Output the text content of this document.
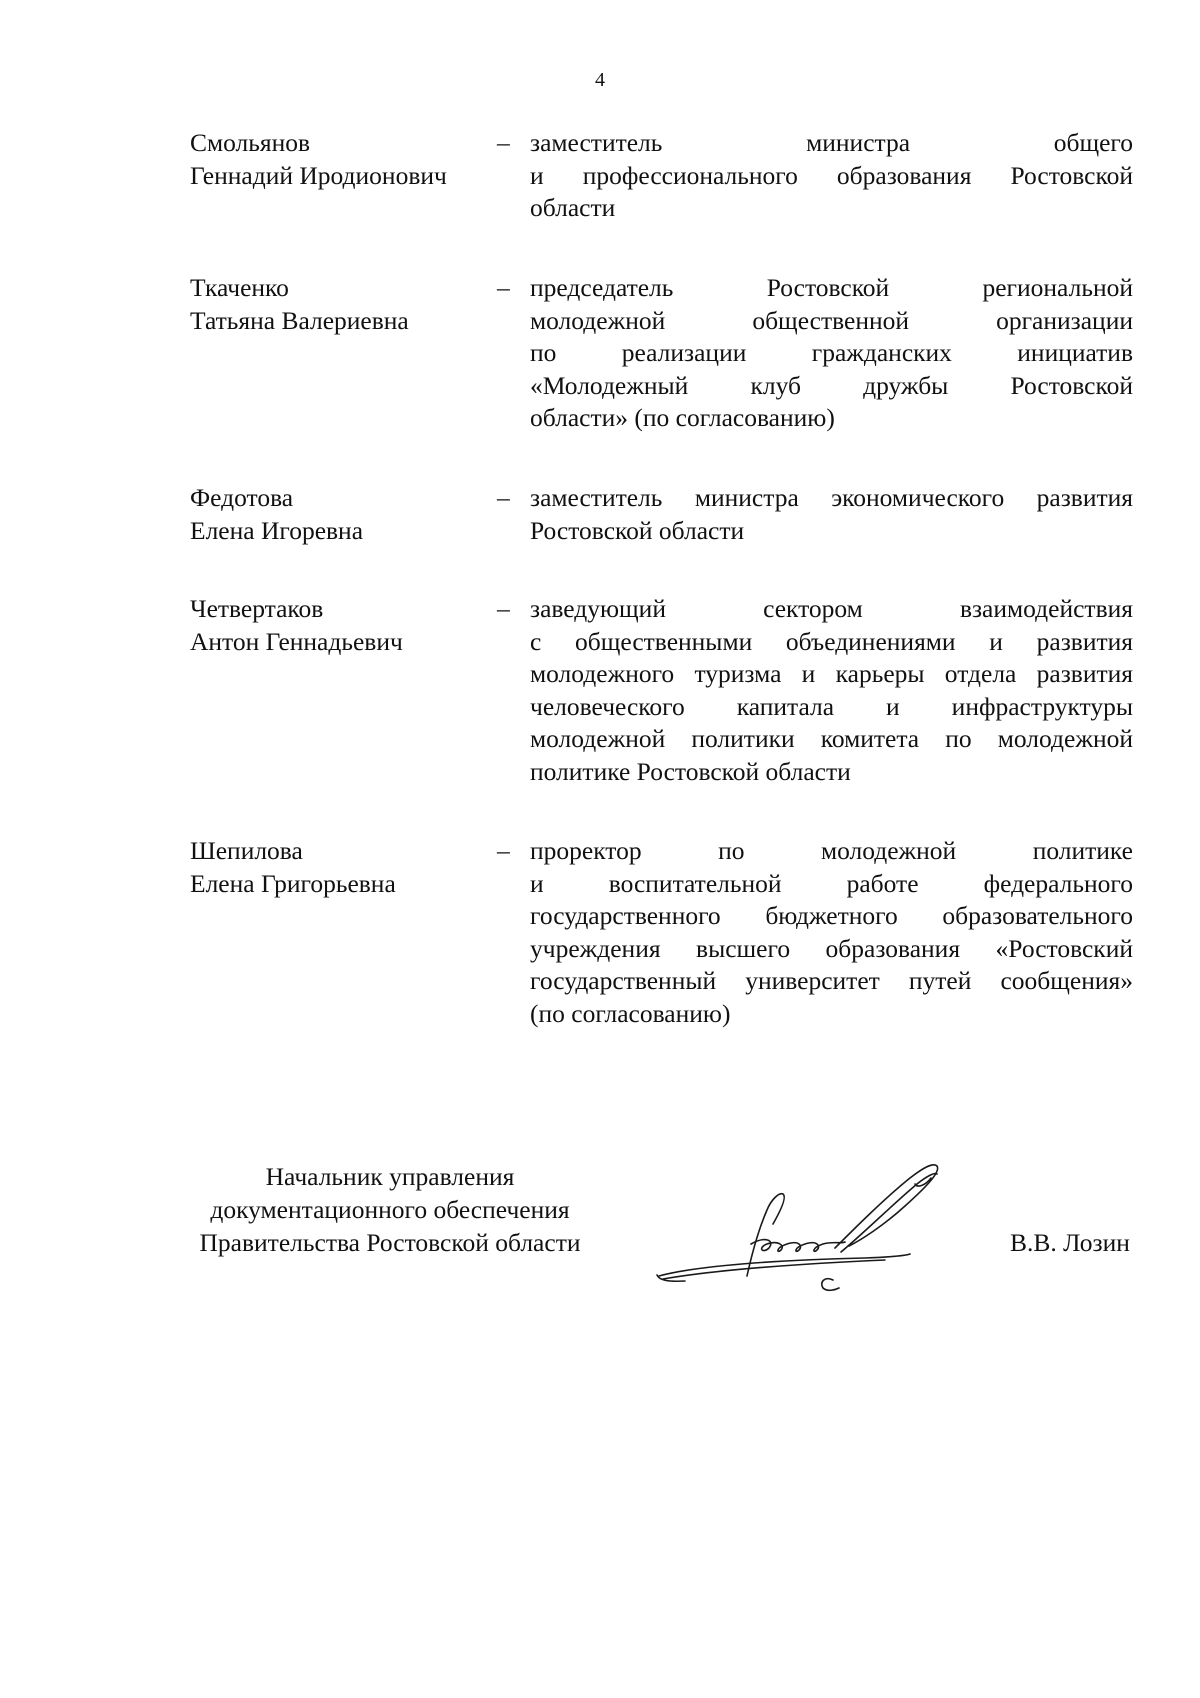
4
Смольянов
Геннадий Иродионович
– заместитель министра общего

и профессионального образования Ростовской

области

Ткаченко
Татьяна Валериевна
– председатель Ростовской региональной

молодежной общественной организации

по реализации гражданских инициатив

«Молодежный клуб дружбы Ростовской

области» (по согласованию)

Федотова
Елена Игоревна
– заместитель министра экономического развития

Ростовской области

Четвертаков
Антон Геннадьевич
– заведующий сектором взаимодействия

с общественными объединениями и развития

молодежного туризма и карьеры отдела развития

человеческого капитала и инфраструктуры

молодежной политики комитета по молодежной

политике Ростовской области

Шепилова
Елена Григорьевна
– проректор по молодежной политике

и воспитательной работе федерального

государственного бюджетного образовательного

учреждения высшего образования «Ростовский

государственный университет путей сообщения»

(по согласованию)

Начальник управления
документационного обеспечения
Правительства Ростовской области	В.В. Лозин
